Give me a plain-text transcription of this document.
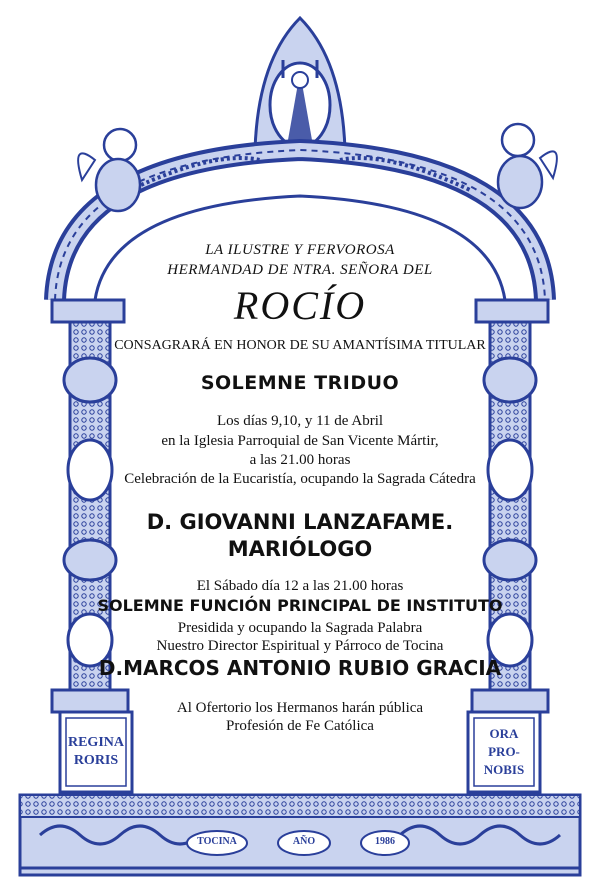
REGINA
RORIS
ORA
PRO-
NOBIS
TOCINA	AÑO	1986
LA ILUSTRE Y FERVOROSA
HERMANDAD DE NTRA. SEÑORA DEL
ROCÍO
CONSAGRARÁ EN HONOR DE SU AMANTÍSIMA TITULAR
SOLEMNE TRIDUO
Los días 9,10, y 11 de Abril
en la Iglesia Parroquial de San Vicente Mártir,
a las 21.00 horas
Celebración de la Eucaristía, ocupando la Sagrada Cátedra
D. GIOVANNI LANZAFAME.
MARIÓLOGO
El Sábado día 12 a las 21.00 horas
SOLEMNE FUNCIÓN PRINCIPAL DE INSTITUTO
Presidida y ocupando la Sagrada Palabra
Nuestro Director Espiritual y Párroco de Tocina
D.MARCOS ANTONIO RUBIO GRACIA
Al Ofertorio los Hermanos harán pública
Profesión de Fe Católica
